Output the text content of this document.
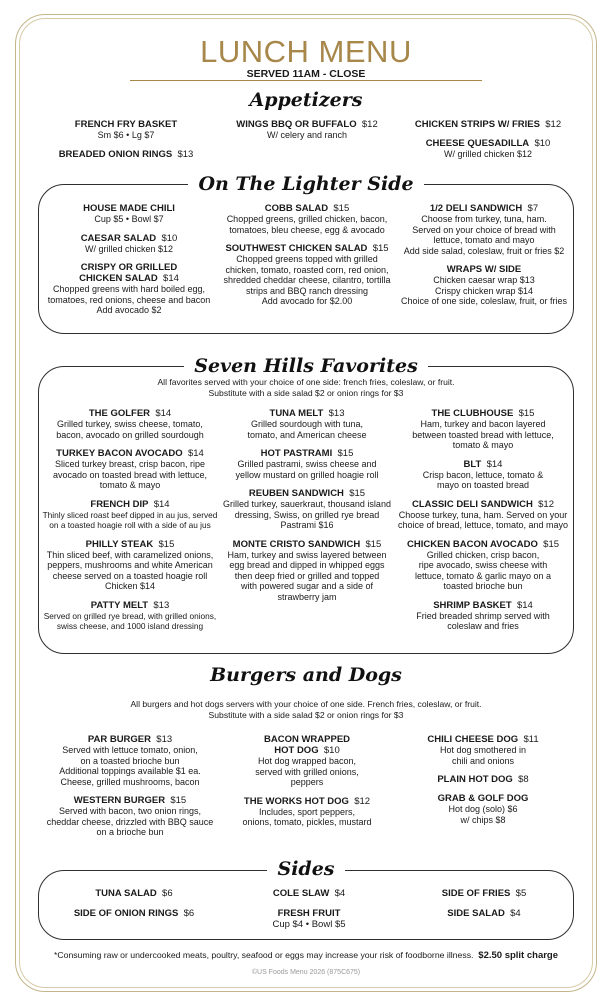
LUNCH MENU
SERVED 11AM - CLOSE
Appetizers
FRENCH FRY BASKET
Sm $6 • Lg $7
BREADED ONION RINGS $13
WINGS BBQ OR BUFFALO $12
W/ celery and ranch
CHICKEN STRIPS W/ FRIES $12
CHEESE QUESADILLA $10
W/ grilled chicken $12
On The Lighter Side
HOUSE MADE CHILI
Cup $5 • Bowl $7
CAESAR SALAD $10
W/ grilled chicken $12
CRISPY OR GRILLED
CHICKEN SALAD $14
Chopped greens with hard boiled egg,
tomatoes, red onions, cheese and bacon
Add avocado $2
COBB SALAD $15
Chopped greens, grilled chicken, bacon,
tomatoes, bleu cheese, egg & avocado
SOUTHWEST CHICKEN SALAD $15
Chopped greens topped with grilled
chicken, tomato, roasted corn, red onion,
shredded cheddar cheese, cilantro, tortilla
strips and BBQ ranch dressing
Add avocado for $2.00
1/2 DELI SANDWICH $7
Choose from turkey, tuna, ham.
Served on your choice of bread with
lettuce, tomato and mayo
Add side salad, coleslaw, fruit or fries $2
WRAPS W/ SIDE
Chicken caesar wrap $13
Crispy chicken wrap $14
Choice of one side, coleslaw, fruit, or fries
Seven Hills Favorites
All favorites served with your choice of one side: french fries, coleslaw, or fruit.
Substitute with a side salad $2 or onion rings for $3
THE GOLFER $14
Grilled turkey, swiss cheese, tomato,
bacon, avocado on grilled sourdough
TURKEY BACON AVOCADO $14
Sliced turkey breast, crisp bacon, ripe
avocado on toasted bread with lettuce,
tomato & mayo
FRENCH DIP $14
Thinly sliced roast beef dipped in au jus, served
on a toasted hoagie roll with a side of au jus
PHILLY STEAK $15
Thin sliced beef, with caramelized onions,
peppers, mushrooms and white American
cheese served on a toasted hoagie roll
Chicken $14
PATTY MELT $13
Served on grilled rye bread, with grilled onions,
swiss cheese, and 1000 island dressing
TUNA MELT $13
Grilled sourdough with tuna,
tomato, and American cheese
HOT PASTRAMI $15
Grilled pastrami, swiss cheese and
yellow mustard on grilled hoagie roll
REUBEN SANDWICH $15
Grilled turkey, sauerkraut, thousand island
dressing, Swiss, on grilled rye bread
Pastrami $16
MONTE CRISTO SANDWICH $15
Ham, turkey and swiss layered between
egg bread and dipped in whipped eggs
then deep fried or grilled and topped
with powered sugar and a side of
strawberry jam
THE CLUBHOUSE $15
Ham, turkey and bacon layered
between toasted bread with lettuce,
tomato & mayo
BLT $14
Crisp bacon, lettuce, tomato &
mayo on toasted bread
CLASSIC DELI SANDWICH $12
Choose turkey, tuna, ham. Served on your
choice of bread, lettuce, tomato, and mayo
CHICKEN BACON AVOCADO $15
Grilled chicken, crisp bacon,
ripe avocado, swiss cheese with
lettuce, tomato & garlic mayo on a
toasted brioche bun
SHRIMP BASKET $14
Fried breaded shrimp served with
coleslaw and fries
Burgers and Dogs
All burgers and hot dogs servers with your choice of one side. French fries, coleslaw, or fruit.
Substitute with a side salad $2 or onion rings for $3
PAR BURGER $13
Served with lettuce tomato, onion,
on a toasted brioche bun
Additional toppings available $1 ea.
Cheese, grilled mushrooms, bacon
WESTERN BURGER $15
Served with bacon, two onion rings,
cheddar cheese, drizzled with BBQ sauce
on a brioche bun
BACON WRAPPED
HOT DOG $10
Hot dog wrapped bacon,
served with grilled onions,
peppers
THE WORKS HOT DOG $12
Includes, sport peppers,
onions, tomato, pickles, mustard
CHILI CHEESE DOG $11
Hot dog smothered in
chili and onions
PLAIN HOT DOG $8
GRAB & GOLF DOG
Hot dog (solo) $6
w/ chips $8
Sides
TUNA SALAD $6	COLE SLAW $4	SIDE OF FRIES $5
SIDE OF ONION RINGS $6	FRESH FRUIT
Cup $4 • Bowl $5
SIDE SALAD $4
*Consuming raw or undercooked meats, poultry, seafood or eggs may increase your risk of foodborne illness. $2.50 split charge
©US Foods Menu 2026 (875C675)
